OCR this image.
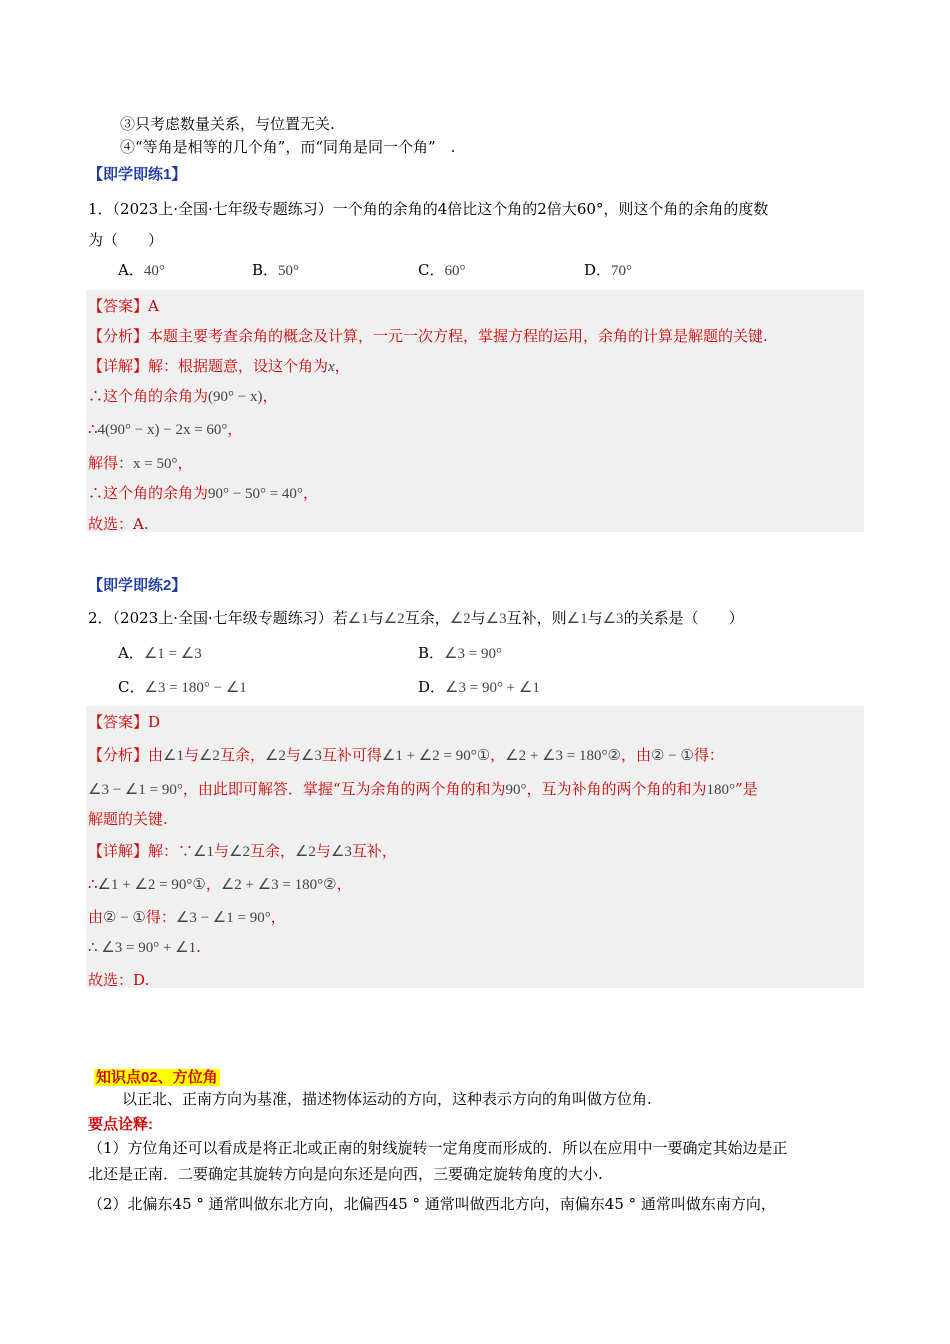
③只考虑数量关系，与位置无关.
④“等角是相等的几个角”，而“同角是同一个角”　.
【即学即练1】
1．（2023上·全国·七年级专题练习）一个角的余角的4倍比这个角的2倍大60°，则这个角的余角的度数
为（　　）
A．40°	B．50°	C．60°	D．70°
【答案】A
【分析】本题主要考查余角的概念及计算，一元一次方程，掌握方程的运用，余角的计算是解题的关键.
【详解】解：根据题意，设这个角为x，
∴这个角的余角为(90° − x)，
∴4(90° − x) − 2x = 60°，
解得：x = 50°，
∴这个角的余角为90° − 50° = 40°，
故选：A.
【即学即练2】
2．（2023上·全国·七年级专题练习）若∠1与∠2互余，∠2与∠3互补，则∠1与∠3的关系是（　　）
A．∠1 = ∠3	B．∠3 = 90°
C．∠3 = 180° − ∠1	D．∠3 = 90° + ∠1
【答案】D
【分析】由∠1与∠2互余，∠2与∠3互补可得∠1 + ∠2 = 90°①，∠2 + ∠3 = 180°②，由② − ①得：
∠3 − ∠1 = 90°，由此即可解答．掌握“互为余角的两个角的和为90°，互为补角的两个角的和为180°”是
解题的关键.
【详解】解：∵∠1与∠2互余，∠2与∠3互补，
∴∠1 + ∠2 = 90°①，∠2 + ∠3 = 180°②，
由② − ①得：∠3 − ∠1 = 90°，
∴ ∠3 = 90° + ∠1.
故选：D.
知识点02、方位角
以正北、正南方向为基准，描述物体运动的方向，这种表示方向的角叫做方位角.
要点诠释:
（1）方位角还可以看成是将正北或正南的射线旋转一定角度而形成的．所以在应用中一要确定其始边是正
北还是正南．二要确定其旋转方向是向东还是向西，三要确定旋转角度的大小.
（2）北偏东45 ° 通常叫做东北方向，北偏西45 ° 通常叫做西北方向，南偏东45 ° 通常叫做东南方向，
